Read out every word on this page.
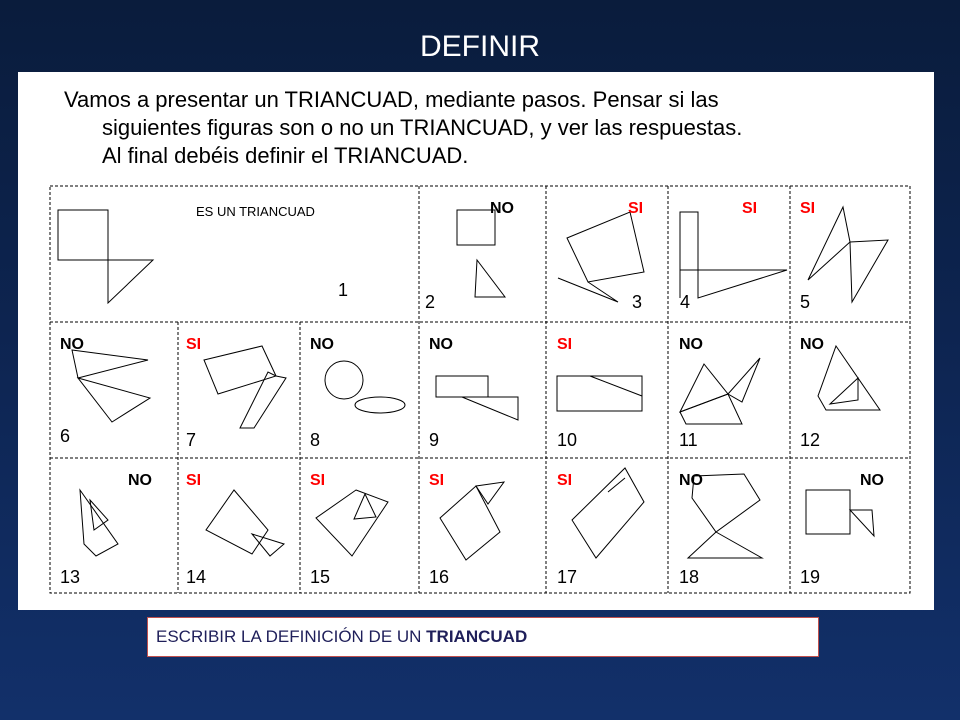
DEFINIR
Vamos a presentar un TRIANCUAD, mediante pasos. Pensar si las
siguientes figuras son o no un TRIANCUAD, y ver las respuestas.
Al final debéis definir el TRIANCUAD.
ES UN TRIANCUAD
1
NO
2
SI
3
SI
4
SI
5
NO
6
SI
7
NO
8
NO
9
SI
10
NO
11
NO
12
NO
13
SI
14
SI
15
SI
16
SI
17
NO
18
NO
19
ESCRIBIR LA DEFINICIÓN DE UN TRIANCUAD
